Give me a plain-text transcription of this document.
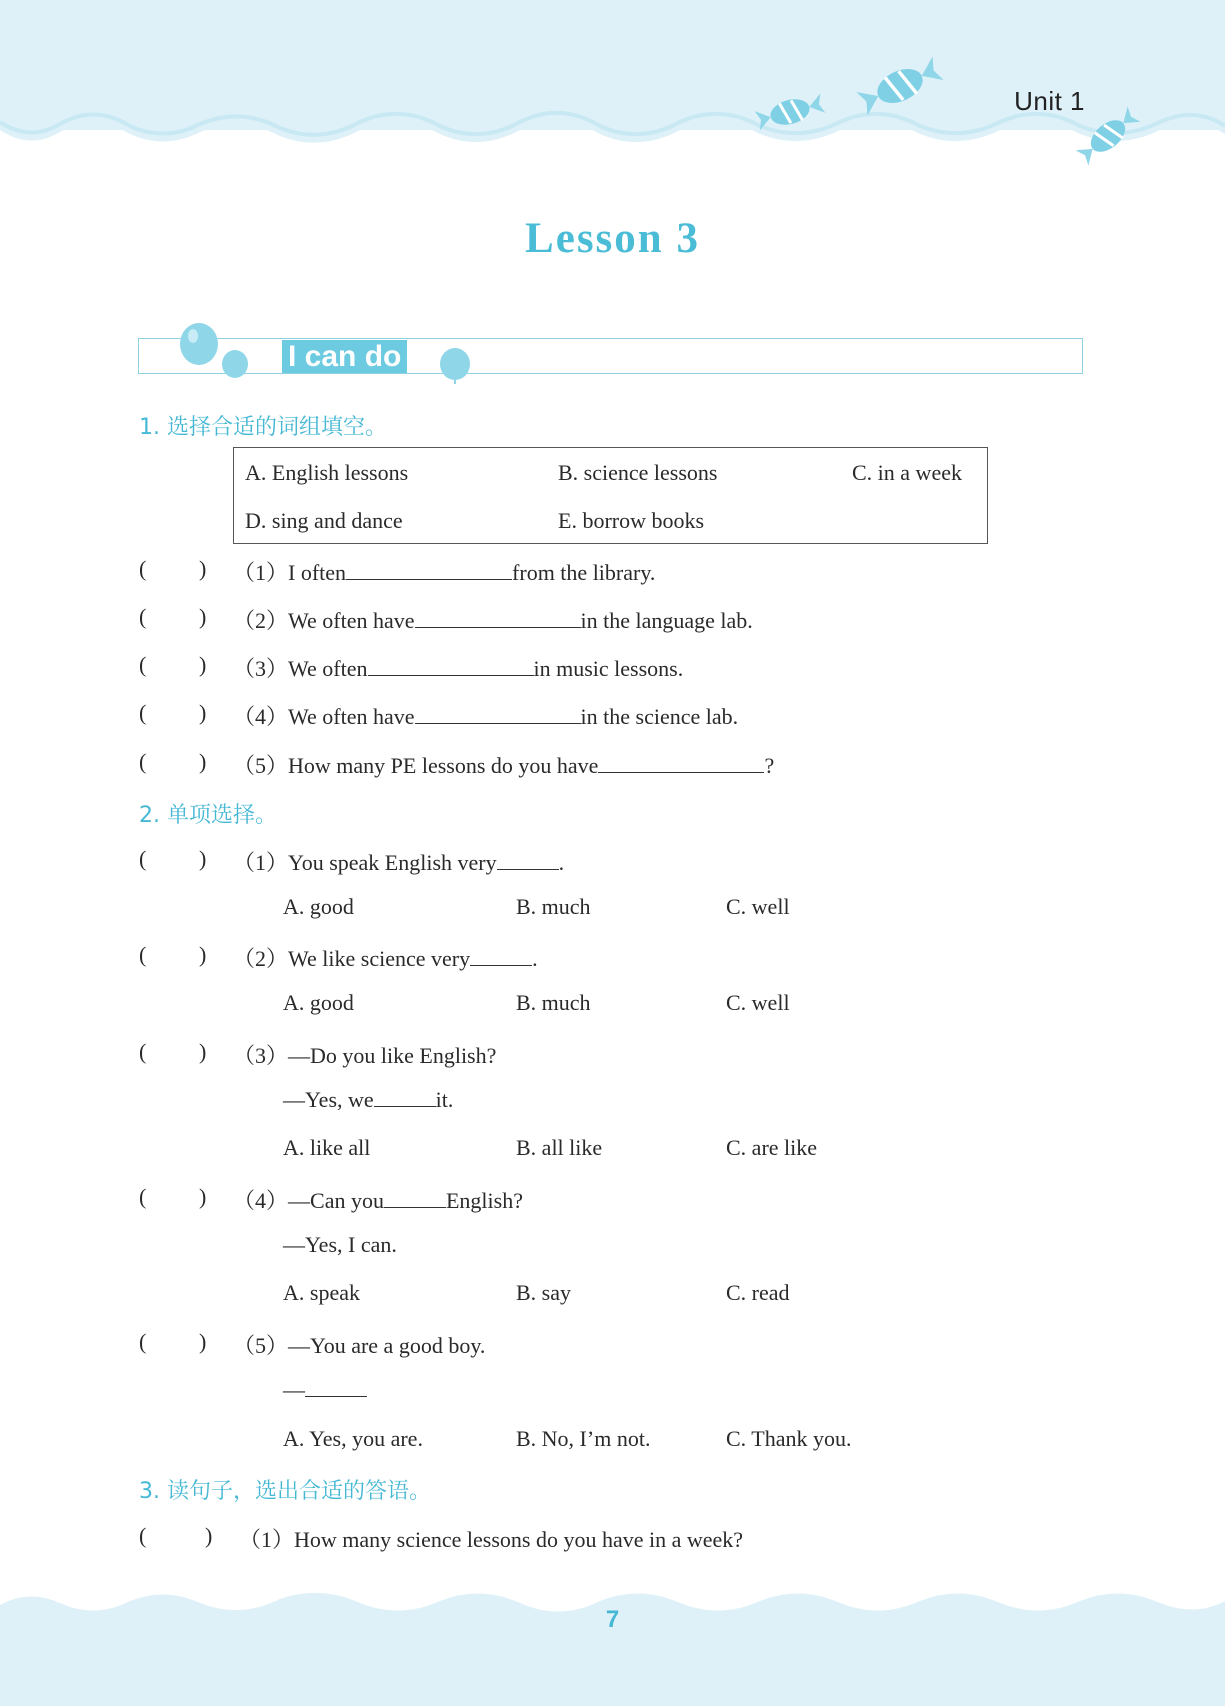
Unit 1
Lesson 3
I can do
1. 选择合适的词组填空。
A. English lessons	B. science lessons	C. in a week
D. sing and dance	E. borrow books
( ) （1）I often	from the library.
( ) （2）We often have	in the language lab.
( ) （3）We often	in music lessons.
( ) （4）We often have	in the science lab.
( ) （5）How many PE lessons do you have	?
2. 单项选择。
( ) （1）You speak English very	.
A. good	B. much	C. well
( ) （2）We like science very	.
A. good	B. much	C. well
( ) （3）—Do you like English?
—Yes, we	it.
A. like all	B. all like	C. are like
( ) （4）—Can you	English?
—Yes, I can.
A. speak	B. say	C. read
( ) （5）—You are a good boy.
—
A. Yes, you are.	B. No, I’m not.	C. Thank you.
3. 读句子，选出合适的答语。
(	) （1）How many science lessons do you have in a week?
7
